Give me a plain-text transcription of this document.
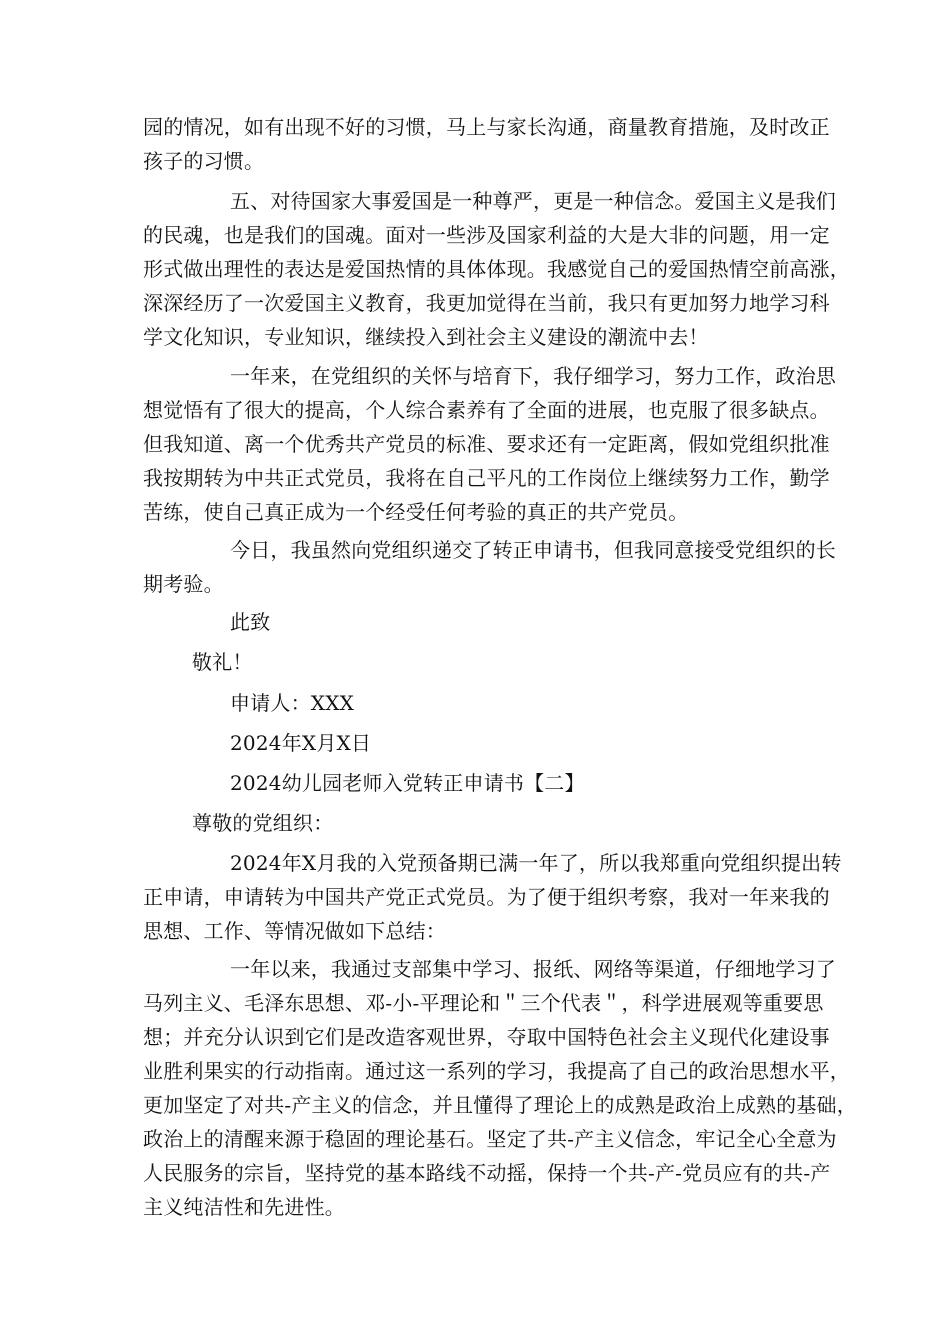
园的情况，如有出现不好的习惯，马上与家长沟通，商量教育措施，及时改正
孩子的习惯。
五、对待国家大事爱国是一种尊严，更是一种信念。爱国主义是我们
的民魂，也是我们的国魂。面对一些涉及国家利益的大是大非的问题，用一定
形式做出理性的表达是爱国热情的具体体现。我感觉自己的爱国热情空前高涨，
深深经历了一次爱国主义教育，我更加觉得在当前，我只有更加努力地学习科
学文化知识，专业知识，继续投入到社会主义建设的潮流中去！
一年来，在党组织的关怀与培育下，我仔细学习，努力工作，政治思
想觉悟有了很大的提高，个人综合素养有了全面的进展，也克服了很多缺点。
但我知道、离一个优秀共产党员的标准、要求还有一定距离，假如党组织批准
我按期转为中共正式党员，我将在自己平凡的工作岗位上继续努力工作，勤学
苦练，使自己真正成为一个经受任何考验的真正的共产党员。
今日，我虽然向党组织递交了转正申请书，但我同意接受党组织的长
期考验。
此致
敬礼！
申请人：XXX
2024年X月X日
2024幼儿园老师入党转正申请书【二】
尊敬的党组织：
2024年X月我的入党预备期已满一年了，所以我郑重向党组织提出转
正申请，申请转为中国共产党正式党员。为了便于组织考察，我对一年来我的
思想、工作、等情况做如下总结：
一年以来，我通过支部集中学习、报纸、网络等渠道，仔细地学习了
马列主义、毛泽东思想、邓-小-平理论和＂三个代表＂，科学进展观等重要思
想；并充分认识到它们是改造客观世界，夺取中国特色社会主义现代化建设事
业胜利果实的行动指南。通过这一系列的学习，我提高了自己的政治思想水平，
更加坚定了对共-产主义的信念，并且懂得了理论上的成熟是政治上成熟的基础，
政治上的清醒来源于稳固的理论基石。坚定了共-产主义信念，牢记全心全意为
人民服务的宗旨，坚持党的基本路线不动摇，保持一个共-产-党员应有的共-产
主义纯洁性和先进性。
